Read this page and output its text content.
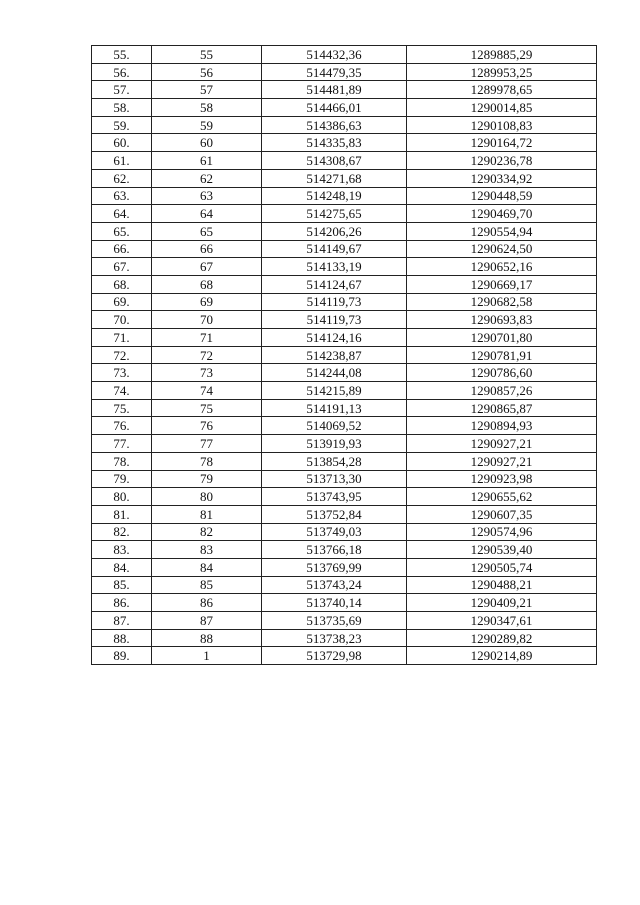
55.	55	514432,36	1289885,29
56.	56	514479,35	1289953,25
57.	57	514481,89	1289978,65
58.	58	514466,01	1290014,85
59.	59	514386,63	1290108,83
60.	60	514335,83	1290164,72
61.	61	514308,67	1290236,78
62.	62	514271,68	1290334,92
63.	63	514248,19	1290448,59
64.	64	514275,65	1290469,70
65.	65	514206,26	1290554,94
66.	66	514149,67	1290624,50
67.	67	514133,19	1290652,16
68.	68	514124,67	1290669,17
69.	69	514119,73	1290682,58
70.	70	514119,73	1290693,83
71.	71	514124,16	1290701,80
72.	72	514238,87	1290781,91
73.	73	514244,08	1290786,60
74.	74	514215,89	1290857,26
75.	75	514191,13	1290865,87
76.	76	514069,52	1290894,93
77.	77	513919,93	1290927,21
78.	78	513854,28	1290927,21
79.	79	513713,30	1290923,98
80.	80	513743,95	1290655,62
81.	81	513752,84	1290607,35
82.	82	513749,03	1290574,96
83.	83	513766,18	1290539,40
84.	84	513769,99	1290505,74
85.	85	513743,24	1290488,21
86.	86	513740,14	1290409,21
87.	87	513735,69	1290347,61
88.	88	513738,23	1290289,82
89.	1	513729,98	1290214,89
